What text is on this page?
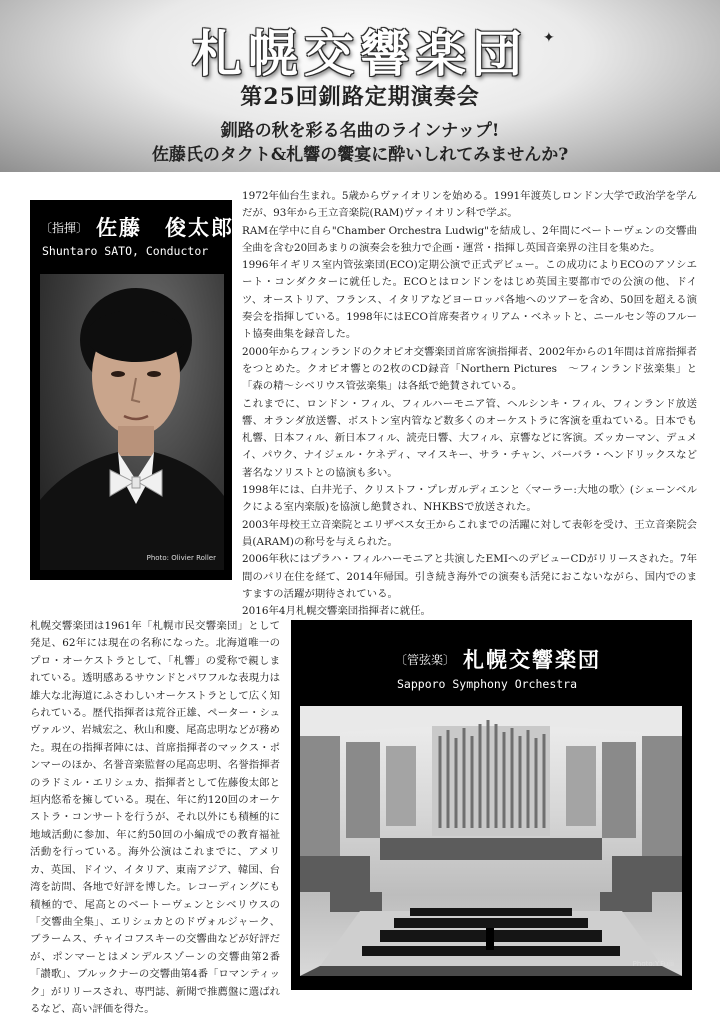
札幌交響楽団	✦
第25回釧路定期演奏会
釧路の秋を彩る名曲のラインナップ!
佐藤氏のタクト&札響の饗宴に酔いしれてみませんか?
〔指揮〕 佐藤　俊太郎
Shuntaro SATO, Conductor
Photo: Olivier Roller

1972年仙台生まれ。5歳からヴァイオリンを始める。1991年渡英しロンドン大学で政治学を学んだが、93年から王立音楽院(RAM)ヴァイオリン科で学ぶ。

RAM在学中に自ら"Chamber Orchestra Ludwig"を結成し、2年間にベートーヴェンの交響曲全曲を含む20回あまりの演奏会を独力で企画・運営・指揮し英国音楽界の注目を集めた。

1996年イギリス室内管弦楽団(ECO)定期公演で正式デビュー。この成功によりECOのアソシエート・コンダクターに就任した。ECOとはロンドンをはじめ英国主要都市での公演の他、ドイツ、オーストリア、フランス、イタリアなどヨーロッパ各地へのツアーを含め、50回を超える演奏会を指揮している。1998年にはECO首席奏者ウィリアム・ベネットと、ニールセン等のフルート協奏曲集を録音した。

2000年からフィンランドのクオピオ交響楽団首席客演指揮者、2002年からの1年間は首席指揮者をつとめた。クオピオ響との2枚のCD録音「Northern Pictures　～フィンランド弦楽集」と「森の精～シベリウス管弦楽集」は各紙で絶賛されている。

これまでに、ロンドン・フィル、フィルハーモニア管、ヘルシンキ・フィル、フィンランド放送響、オランダ放送響、ボストン室内管など数多くのオーケストラに客演を重ねている。日本でも札響、日本フィル、新日本フィル、読売日響、大フィル、京響などに客演。ズッカーマン、デュメイ、パウク、ナイジェル・ケネディ、マイスキー、サラ・チャン、バーバラ・ヘンドリックスなど著名なソリストとの協演も多い。

1998年には、白井光子、クリストフ・プレガルディエンと〈マーラー:大地の歌〉(シェーンベルクによる室内楽版)を協演し絶賛され、NHKBSで放送された。

2003年母校王立音楽院とエリザベス女王からこれまでの活躍に対して表彰を受け、王立音楽院会員(ARAM)の称号を与えられた。

2006年秋にはプラハ・フィルハーモニアと共演したEMIへのデビューCDがリリースされた。7年間のパリ在住を経て、2014年帰国。引き続き海外での演奏も活発におこないながら、国内でのますますの活躍が期待されている。

2016年4月札幌交響楽団指揮者に就任。

札幌交響楽団は1961年「札幌市民交響楽団」として発足、62年には現在の名称になった。北海道唯一のプロ・オーケストラとして、「札響」の愛称で親しまれている。透明感あるサウンドとパワフルな表現力は雄大な北海道にふさわしいオーケストラとして広く知られている。歴代指揮者は荒谷正雄、ペーター・シュヴァルツ、岩城宏之、秋山和慶、尾高忠明などが務めた。現在の指揮者陣には、首席指揮者のマックス・ポンマーのほか、名誉音楽監督の尾高忠明、名誉指揮者のラドミル・エリシュカ、指揮者として佐藤俊太郎と垣内悠希を擁している。現在、年に約120回のオーケストラ・コンサートを行うが、それ以外にも積極的に地域活動に参加、年に約50回の小編成での教育福祉活動を行っている。海外公演はこれまでに、アメリカ、英国、ドイツ、イタリア、東南アジア、韓国、台湾を訪問、各地で好評を博した。レコーディングにも積極的で、尾高とのベートーヴェンとシベリウスの「交響曲全集」、エリシュカとのドヴォルジャーク、ブラームス、チャイコフスキーの交響曲などが好評だが、ポンマーとはメンデルスゾーンの交響曲第2番「讃歌」、ブルックナーの交響曲第4番「ロマンティック」がリリースされ、専門誌、新聞で推薦盤に選ばれるなど、高い評価を得た。

〔管弦楽〕 札幌交響楽団
Sapporo Symphony Orchestra
Photo:Y.Fujii
